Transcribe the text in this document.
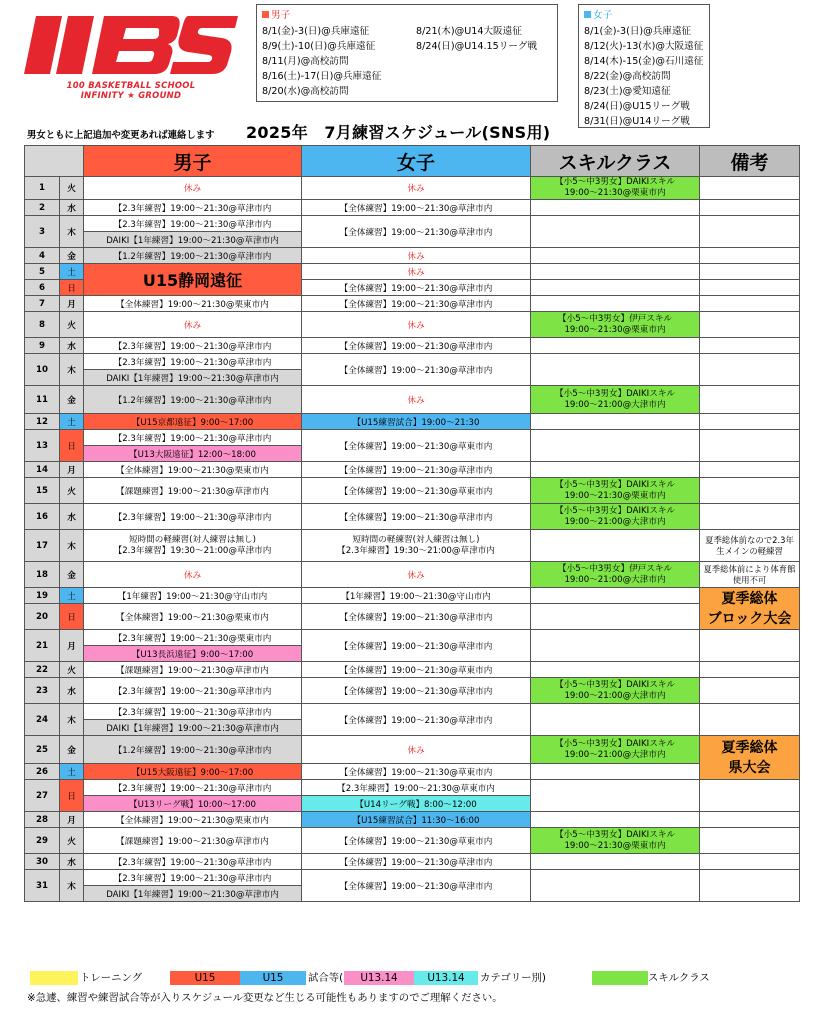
100 BASKETBALL SCHOOL
INFINITY ★ GROUND
男子
8/1(金)-3(日)@兵庫遠征
8/9(土)-10(日)@兵庫遠征
8/11(月)@高校訪問
8/16(土)-17(日)@兵庫遠征
8/20(水)@高校訪問
8/21(木)@U14大阪遠征
8/24(日)@U14.15リーグ戦
女子
8/1(金)-3(日)@兵庫遠征
8/12(火)-13(水)@大阪遠征
8/14(木)-15(金)@石川遠征
8/22(金)@高校訪問
8/23(土)@愛知遠征
8/24(日)@U15リーグ戦
8/31(日)@U14リーグ戦
男女ともに上記追加や変更あれば連絡します 2025年　7月練習スケジュール(SNS用)
		男子	女子	スキルクラス	備考
1	火	休み	休み	【小5～中3男女】DAIKIスキル
19:00～21:30@栗東市内	
2	水	【2.3年練習】19:00～21:30@草津市内	【全体練習】19:00～21:30@草津市内		
3	木	【2.3年練習】19:00～21:30@草津市内	【全体練習】19:00～21:30@草津市内		
		DAIKI【1年練習】19:00～21:30@草津市内			
4	金	【1.2年練習】19:00～21:30@草津市内	休み		
5	土	U15静岡遠征	休み		
6	日		【全体練習】19:00～21:30@草津市内		
7	月	【全体練習】19:00～21:30@栗東市内	【全体練習】19:00～21:30@草津市内		
8	火	休み	休み	【小5～中3男女】伊戸スキル
19:00～21:30@栗東市内	
9	水	【2.3年練習】19:00～21:30@草津市内	【全体練習】19:00～21:30@草津市内		
10	木	【2.3年練習】19:00～21:30@草津市内	【全体練習】19:00～21:30@草津市内		
		DAIKI【1年練習】19:00～21:30@草津市内			
11	金	【1.2年練習】19:00～21:30@草津市内	休み	【小5～中3男女】DAIKIスキル
19:00～21:00@大津市内	
12	土	【U15京都遠征】9:00～17:00	【U15練習試合】19:00～21:30		
13	日	【2.3年練習】19:00～21:30@草津市内	【全体練習】19:00～21:30@草東市内		
		【U13大阪遠征】12:00～18:00			
14	月	【全体練習】19:00～21:30@栗東市内	【全体練習】19:00～21:30@草津市内		
15	火	【課題練習】19:00～21:30@草津市内	【全体練習】19:00～21:30@草東市内	【小5～中3男女】DAIKIスキル
19:00～21:30@栗東市内	
16	水	【2.3年練習】19:00～21:30@草津市内	【全体練習】19:00～21:30@草津市内	【小5～中3男女】DAIKIスキル
19:00～21:00@大津市内	
17	木	短時間の軽練習(対人練習は無し)
【2.3年練習】19:30～21:00@草津市内	短時間の軽練習(対人練習は無し)
【2.3年練習】19:30～21:00@草津市内		夏季総体前なので2.3年
生メインの軽練習
18	金	休み	休み	【小5～中3男女】伊戸スキル
19:00～21:00@大津市内	夏季総体前により体育館
使用不可
19	土	【1年練習】19:00～21:30@守山市内	【1年練習】19:00～21:30@守山市内		夏季総体
ブロック大会
20	日	【全体練習】19:00～21:30@栗東市内	【全体練習】19:00～21:30@草津市内		
21	月	【2.3年練習】19:00～21:30@栗東市内	【全体練習】19:00～21:30@草津市内		
		【U13長浜遠征】9:00～17:00			
22	火	【課題練習】19:00～21:30@草津市内	【全体練習】19:00～21:30@草東市内		
23	水	【2.3年練習】19:00～21:30@草津市内	【全体練習】19:00～21:30@草津市内	【小5～中3男女】DAIKIスキル
19:00～21:00@大津市内	
24	木	【2.3年練習】19:00～21:30@草津市内	【全体練習】19:00～21:30@草津市内		
		DAIKI【1年練習】19:00～21:30@草津市内			
25	金	【1.2年練習】19:00～21:30@草津市内	休み	【小5～中3男女】DAIKIスキル
19:00～21:00@大津市内	夏季総体
県大会
26	土	【U15大阪遠征】9:00～17:00	【全体練習】19:00～21:30@草東市内		
27	日	【2.3年練習】19:00～21:30@草津市内	【2.3年練習】19:00～21:30@草東市内		
		【U13リーグ戦】10:00～17:00	【U14リーグ戦】8:00～12:00		
28	月	【全体練習】19:00～21:30@栗東市内	【U15練習試合】11:30～16:00		
29	火	【課題練習】19:00～21:30@草津市内	【全体練習】19:00～21:30@草東市内	【小5～中3男女】DAIKIスキル
19:00～21:30@栗東市内	
30	水	【2.3年練習】19:00～21:30@草津市内	【全体練習】19:00～21:30@草津市内		
31	木	【2.3年練習】19:00～21:30@草津市内	【全体練習】19:00～21:30@草津市内		
		DAIKI【1年練習】19:00～21:30@草津市内			
トレーニング	U15	U15	試合等(	U13.14	U13.14	カテゴリー別)	スキルクラス
※急遽、練習や練習試合等が入りスケジュール変更など生じる可能性もありますのでご理解ください。
